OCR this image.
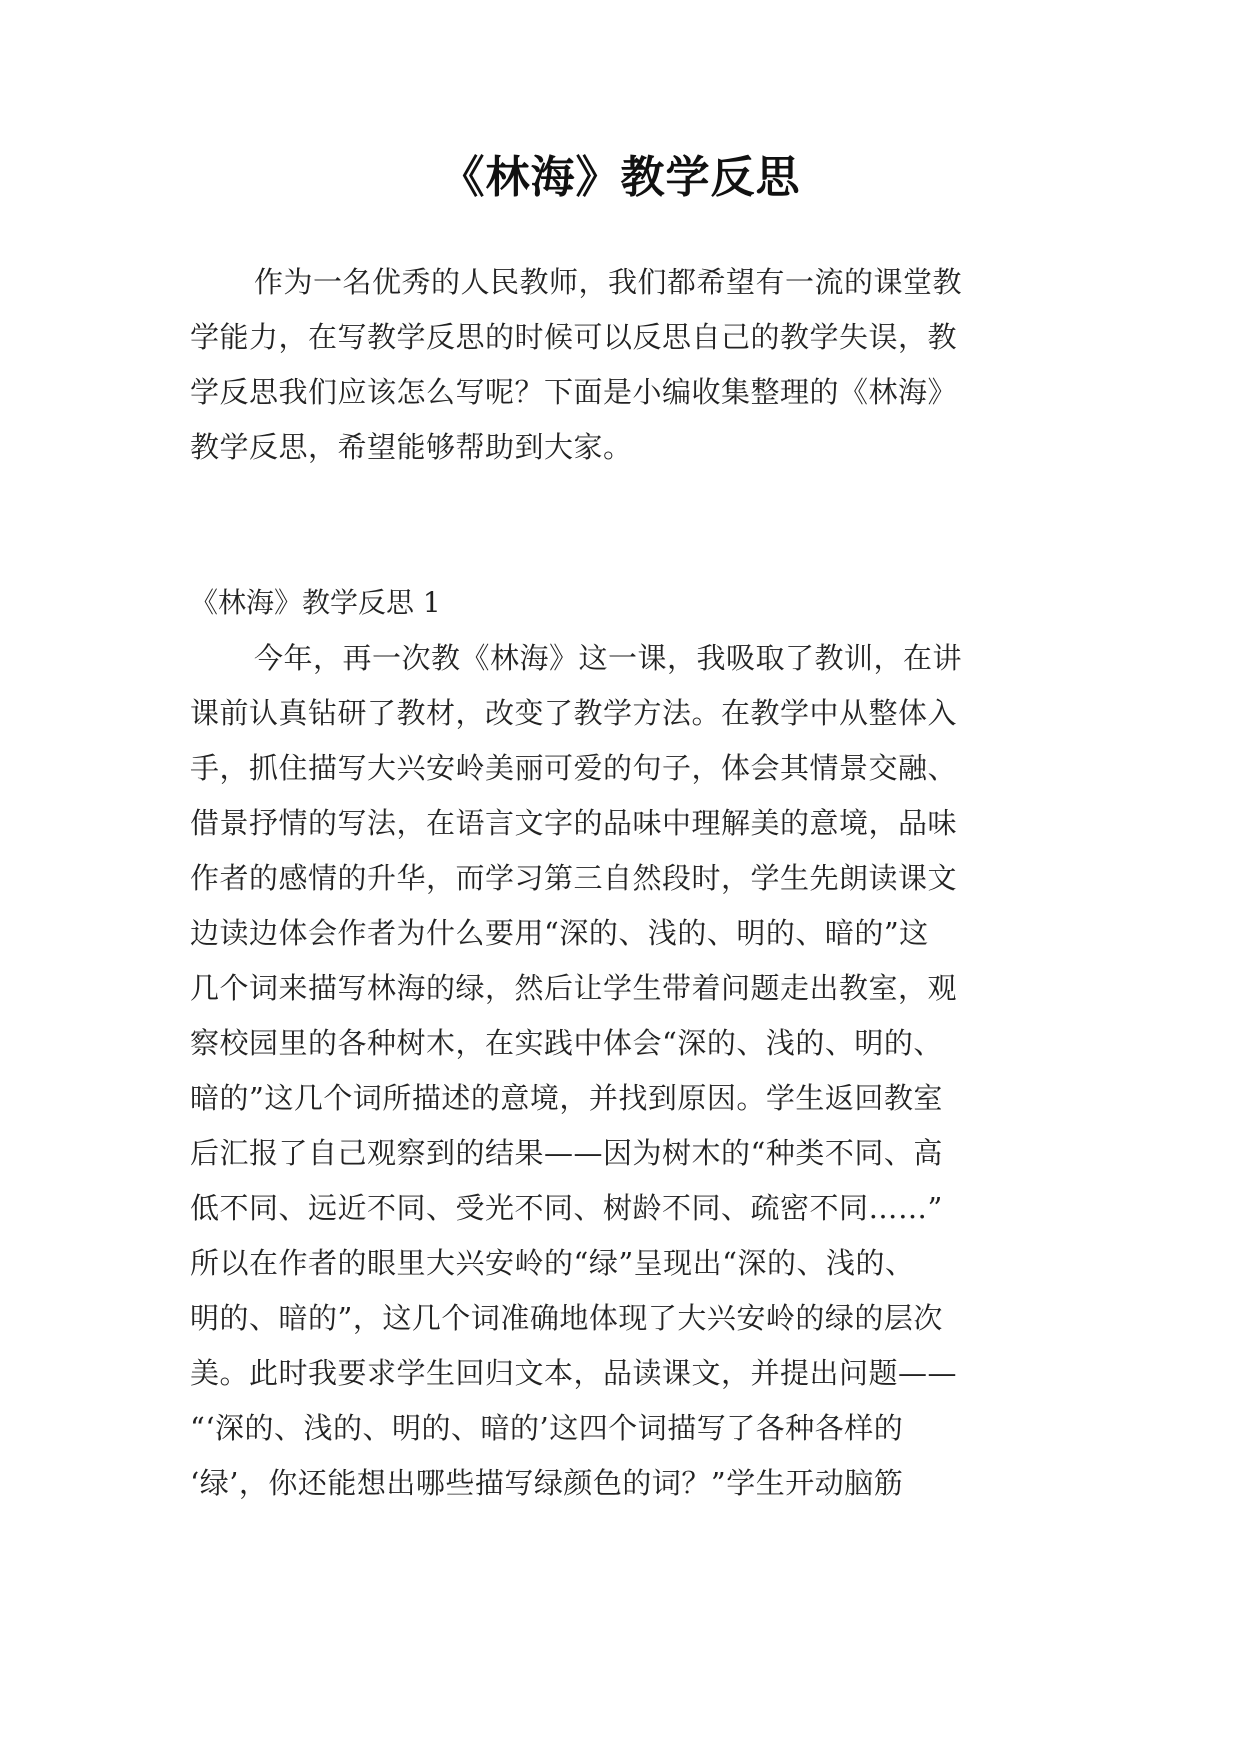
《林海》教学反思
作为一名优秀的人民教师，我们都希望有一流的课堂教
学能力，在写教学反思的时候可以反思自己的教学失误，教
学反思我们应该怎么写呢？下面是小编收集整理的《林海》
教学反思，希望能够帮助到大家。
《林海》教学反思 1
今年，再一次教《林海》这一课，我吸取了教训，在讲
课前认真钻研了教材，改变了教学方法。在教学中从整体入
手，抓住描写大兴安岭美丽可爱的句子，体会其情景交融、
借景抒情的写法，在语言文字的品味中理解美的意境，品味
作者的感情的升华，而学习第三自然段时，学生先朗读课文
边读边体会作者为什么要用“深的、浅的、明的、暗的”这
几个词来描写林海的绿，然后让学生带着问题走出教室，观
察校园里的各种树木，在实践中体会“深的、浅的、明的、
暗的”这几个词所描述的意境，并找到原因。学生返回教室
后汇报了自己观察到的结果——因为树木的“种类不同、高
低不同、远近不同、受光不同、树龄不同、疏密不同……”
所以在作者的眼里大兴安岭的“绿”呈现出“深的、浅的、
明的、暗的”，这几个词准确地体现了大兴安岭的绿的层次
美。此时我要求学生回归文本，品读课文，并提出问题——
“‘深的、浅的、明的、暗的’这四个词描写了各种各样的
‘绿’，你还能想出哪些描写绿颜色的词？”学生开动脑筋
